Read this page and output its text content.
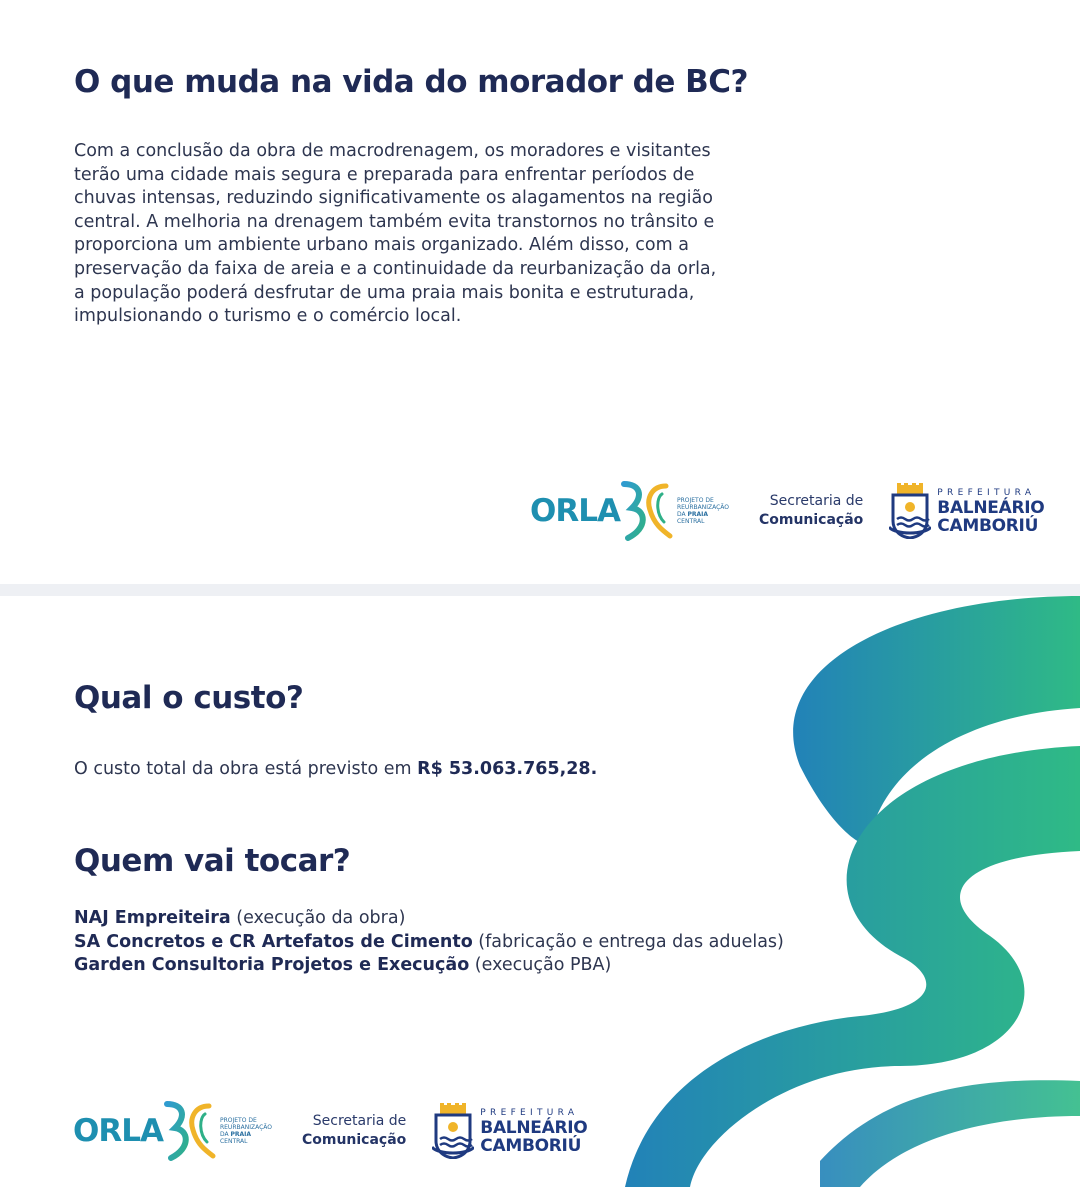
O que muda na vida do morador de BC?

Com a conclusão da obra de macrodrenagem, os moradores e visitantes terão uma cidade mais segura e preparada para enfrentar períodos de chuvas intensas, reduzindo significativamente os alagamentos na região central. A melhoria na drenagem também evita transtornos no trânsito e proporciona um ambiente urbano mais organizado. Além disso, com a preservação da faixa de areia e a continuidade da reurbanização da orla, a população poderá desfrutar de uma praia mais bonita e estruturada, impulsionando o turismo e o comércio local.

ORLA	PROJETO DE
REURBANIZAÇÃO
DA PRAIA CENTRAL
Secretaria de
Comunicação
PREFEITURA
BALNEÁRIO
CAMBORIÚ
Qual o custo?

O custo total da obra está previsto em R$ 53.063.765,28.

Quem vai tocar?
NAJ Empreiteira (execução da obra)
SA Concretos e CR Artefatos de Cimento (fabricação e entrega das aduelas)
Garden Consultoria Projetos e Execução (execução PBA)
ORLA	PROJETO DE
REURBANIZAÇÃO
DA PRAIA CENTRAL
Secretaria de
Comunicação
PREFEITURA
BALNEÁRIO
CAMBORIÚ
